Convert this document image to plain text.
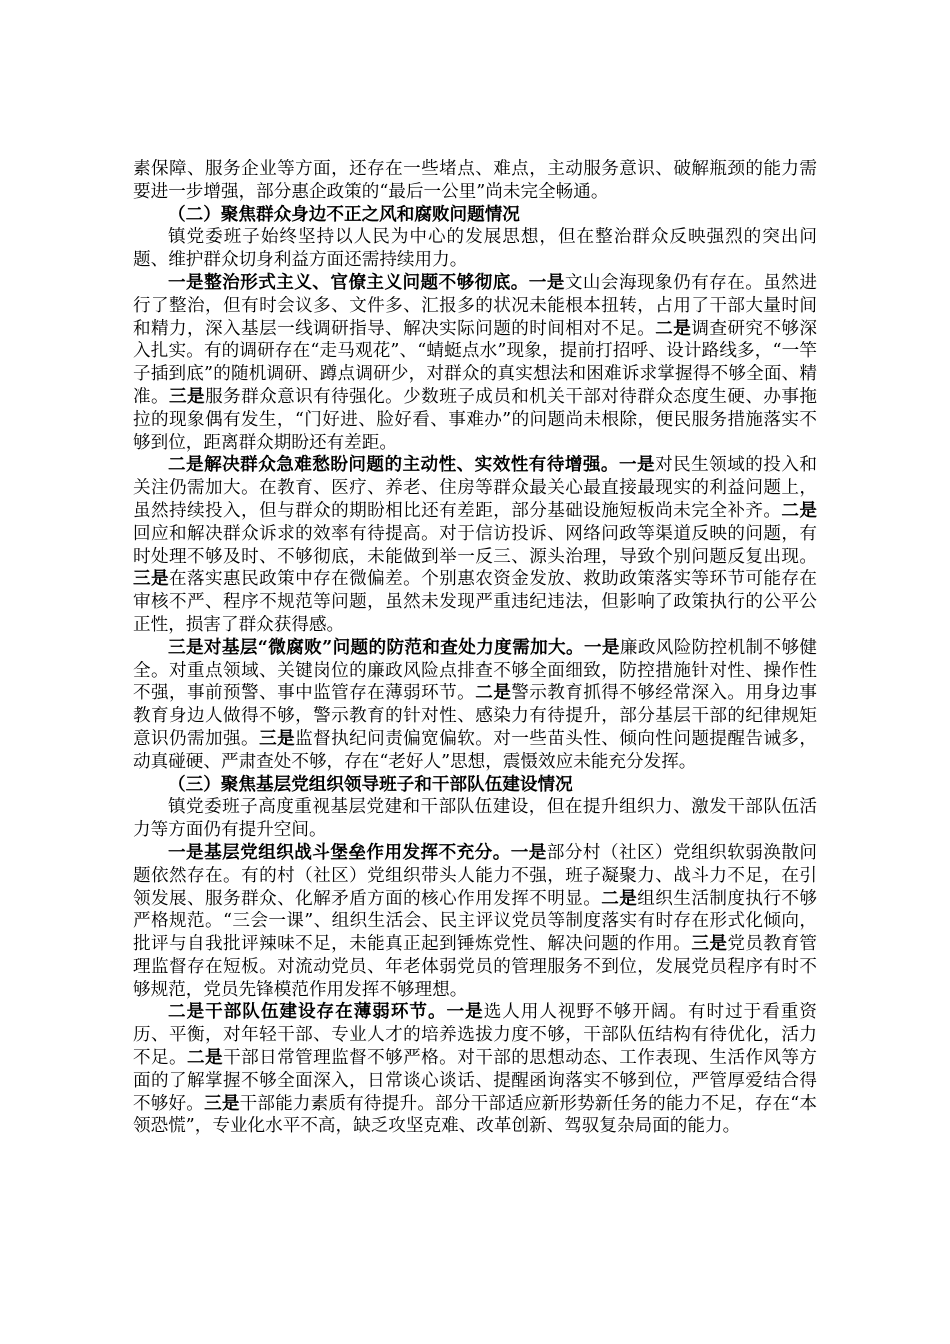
素保障、服务企业等方面，还存在一些堵点、难点，主动服务意识、破解瓶颈的能力需要进一步增强，部分惠企政策的“最后一公里”尚未完全畅通。

（二）聚焦群众身边不正之风和腐败问题情况

镇党委班子始终坚持以人民为中心的发展思想，但在整治群众反映强烈的突出问题、维护群众切身利益方面还需持续用力。

一是整治形式主义、官僚主义问题不够彻底。一是文山会海现象仍有存在。虽然进行了整治，但有时会议多、文件多、汇报多的状况未能根本扭转，占用了干部大量时间和精力，深入基层一线调研指导、解决实际问题的时间相对不足。二是调查研究不够深入扎实。有的调研存在“走马观花”、“蜻蜓点水”现象，提前打招呼、设计路线多，“一竿子插到底”的随机调研、蹲点调研少，对群众的真实想法和困难诉求掌握得不够全面、精准。三是服务群众意识有待强化。少数班子成员和机关干部对待群众态度生硬、办事拖拉的现象偶有发生，“门好进、脸好看、事难办”的问题尚未根除，便民服务措施落实不够到位，距离群众期盼还有差距。

二是解决群众急难愁盼问题的主动性、实效性有待增强。一是对民生领域的投入和关注仍需加大。在教育、医疗、养老、住房等群众最关心最直接最现实的利益问题上，虽然持续投入，但与群众的期盼相比还有差距，部分基础设施短板尚未完全补齐。二是回应和解决群众诉求的效率有待提高。对于信访投诉、网络问政等渠道反映的问题，有时处理不够及时、不够彻底，未能做到举一反三、源头治理，导致个别问题反复出现。三是在落实惠民政策中存在微偏差。个别惠农资金发放、救助政策落实等环节可能存在审核不严、程序不规范等问题，虽然未发现严重违纪违法，但影响了政策执行的公平公正性，损害了群众获得感。

三是对基层“微腐败”问题的防范和查处力度需加大。一是廉政风险防控机制不够健全。对重点领域、关键岗位的廉政风险点排查不够全面细致，防控措施针对性、操作性不强，事前预警、事中监管存在薄弱环节。二是警示教育抓得不够经常深入。用身边事教育身边人做得不够，警示教育的针对性、感染力有待提升，部分基层干部的纪律规矩意识仍需加强。三是监督执纪问责偏宽偏软。对一些苗头性、倾向性问题提醒告诫多，动真碰硬、严肃查处不够，存在“老好人”思想，震慑效应未能充分发挥。

（三）聚焦基层党组织领导班子和干部队伍建设情况

镇党委班子高度重视基层党建和干部队伍建设，但在提升组织力、激发干部队伍活力等方面仍有提升空间。

一是基层党组织战斗堡垒作用发挥不充分。一是部分村（社区）党组织软弱涣散问题依然存在。有的村（社区）党组织带头人能力不强，班子凝聚力、战斗力不足，在引领发展、服务群众、化解矛盾方面的核心作用发挥不明显。二是组织生活制度执行不够严格规范。“三会一课”、组织生活会、民主评议党员等制度落实有时存在形式化倾向，批评与自我批评辣味不足，未能真正起到锤炼党性、解决问题的作用。三是党员教育管理监督存在短板。对流动党员、年老体弱党员的管理服务不到位，发展党员程序有时不够规范，党员先锋模范作用发挥不够理想。

二是干部队伍建设存在薄弱环节。一是选人用人视野不够开阔。有时过于看重资历、平衡，对年轻干部、专业人才的培养选拔力度不够，干部队伍结构有待优化，活力不足。二是干部日常管理监督不够严格。对干部的思想动态、工作表现、生活作风等方面的了解掌握不够全面深入，日常谈心谈话、提醒函询落实不够到位，严管厚爱结合得不够好。三是干部能力素质有待提升。部分干部适应新形势新任务的能力不足，存在“本领恐慌”，专业化水平不高，缺乏攻坚克难、改革创新、驾驭复杂局面的能力。
